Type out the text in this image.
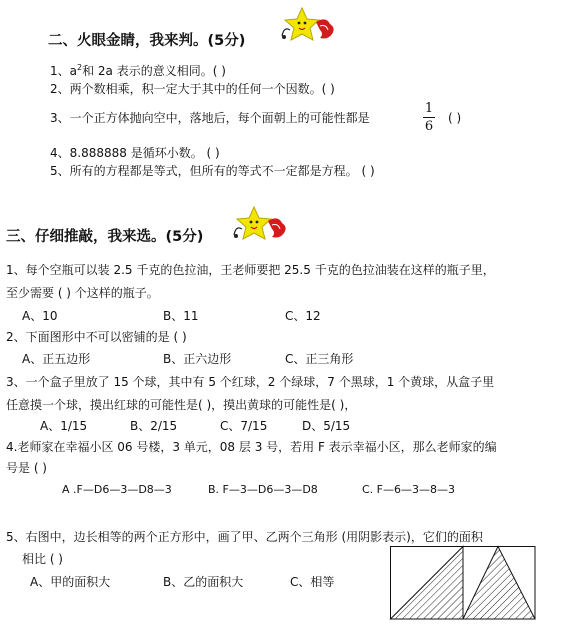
二、火眼金睛，我来判。(5分)
1、$a^2$和 2a 表示的意义相同。( )
2、两个数相乘，积一定大于其中的任何一个因数。( )
3、一个正方体抛向空中，落地后，每个面朝上的可能性都是
1
6
( )
4、8.888888 是循环小数。 ( )
5、所有的方程都是等式，但所有的等式不一定都是方程。 ( )
三、仔细推敲，我来选。(5分)
1、每个空瓶可以装 2.5 千克的色拉油，王老师要把 25.5 千克的色拉油装在这样的瓶子里，
至少需要 ( ) 个这样的瓶子。
A、10	B、11	C、12
2、下面图形中不可以密铺的是 ( )
A、正五边形	B、正六边形	C、正三角形
3、一个盒子里放了 15 个球，其中有 5 个红球，2 个绿球，7 个黑球，1 个黄球，从盒子里
任意摸一个球，摸出红球的可能性是( )，摸出黄球的可能性是( )，
A、1/15	B、2/15	C、7/15	D、5/15
4.老师家在幸福小区 06 号楼，3 单元，08 层 3 号，若用 F 表示幸福小区，那么老师家的编
号是 ( )
A .F—D6—3—D8—3	B. F—3—D6—3—D8	C. F—6—3—8—3
5、右图中，边长相等的两个正方形中，画了甲、乙两个三角形 (用阴影表示)，它们的面积
相比 ( )
A、甲的面积大	B、乙的面积大	C、相等
